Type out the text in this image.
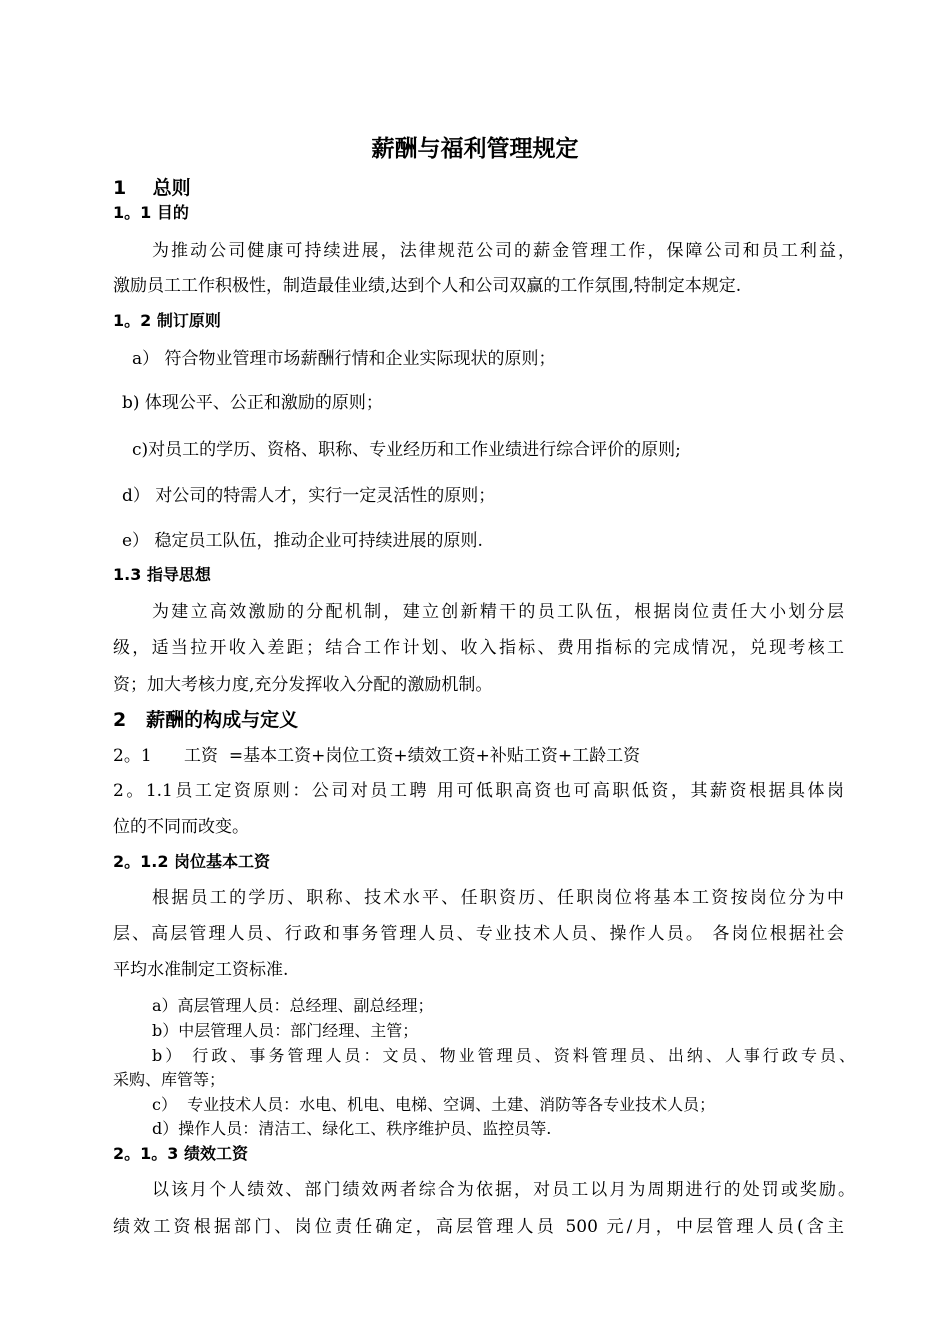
薪酬与福利管理规定
1    总则
1。1 目的
为推动公司健康可持续进展，法律规范公司的薪金管理工作，保障公司和员工利益，
激励员工工作积极性，制造最佳业绩,达到个人和公司双赢的工作氛围,特制定本规定.
1。2 制订原则
a） 符合物业管理市场薪酬行情和企业实际现状的原则；
b) 体现公平、公正和激励的原则；
c)对员工的学历、资格、职称、专业经历和工作业绩进行综合评价的原则;
d） 对公司的特需人才，实行一定灵活性的原则；
e） 稳定员工队伍，推动企业可持续进展的原则.
1.3 指导思想
为建立高效激励的分配机制，建立创新精干的员工队伍，根据岗位责任大小划分层
级，适当拉开收入差距；结合工作计划、收入指标、费用指标的完成情况，兑现考核工
资；加大考核力度,充分发挥收入分配的激励机制。
2   薪酬的构成与定义
2。1      工资  =基本工资+岗位工资+绩效工资+补贴工资+工龄工资
2。1.1员工定资原则：公司对员工聘 用可低职高资也可高职低资，其薪资根据具体岗
位的不同而改变。
2。1.2 岗位基本工资
根据员工的学历、职称、技术水平、任职资历、任职岗位将基本工资按岗位分为中
层、高层管理人员、行政和事务管理人员、专业技术人员、操作人员。 各岗位根据社会
平均水准制定工资标准.
a）高层管理人员：总经理、副总经理；
b）中层管理人员：部门经理、主管；
b） 行政、事务管理人员：文员、物业管理员、资料管理员、出纳、人事行政专员、
采购、库管等；
c）  专业技术人员：水电、机电、电梯、空调、土建、消防等各专业技术人员；
d）操作人员：清洁工、绿化工、秩序维护员、监控员等.
2。1。3 绩效工资
以该月个人绩效、部门绩效两者综合为依据，对员工以月为周期进行的处罚或奖励。
绩效工资根据部门、岗位责任确定，高层管理人员 500 元/月，中层管理人员(含主
